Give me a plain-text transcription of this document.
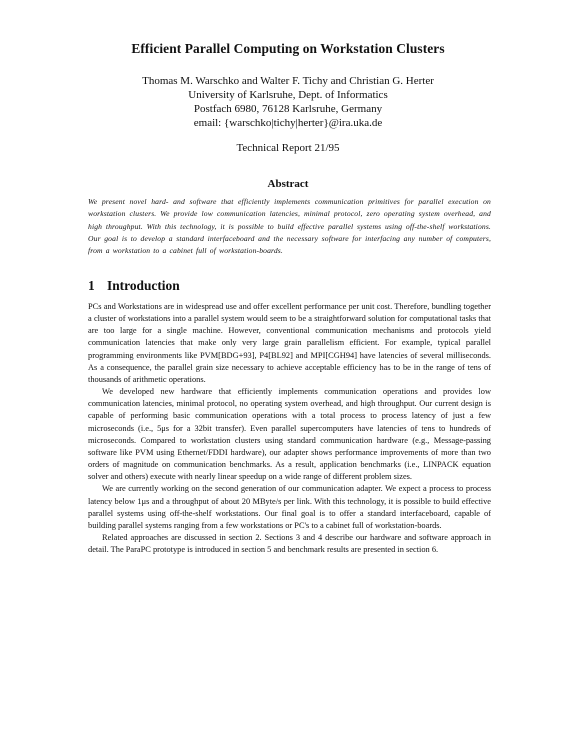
Efficient Parallel Computing on Workstation Clusters
Thomas M. Warschko and Walter F. Tichy and Christian G. Herter
University of Karlsruhe, Dept. of Informatics
Postfach 6980, 76128 Karlsruhe, Germany
email: {warschko|tichy|herter}@ira.uka.de
Technical Report 21/95
Abstract
We present novel hard- and software that efficiently implements communication primitives for parallel execution on workstation clusters. We provide low communication latencies, minimal protocol, zero operating system overhead, and high throughput. With this technology, it is possible to build effective parallel systems using off-the-shelf workstations. Our goal is to develop a standard interfaceboard and the necessary software for interfacing any number of computers, from a workstation to a cabinet full of workstation-boards.
1 Introduction

PCs and Workstations are in widespread use and offer excellent performance per unit cost. Therefore, bundling together a cluster of workstations into a parallel system would seem to be a straightforward solution for computational tasks that are too large for a single machine. However, conventional communication mechanisms and protocols yield communication latencies that make only very large grain parallelism efficient. For example, typical parallel programming environments like PVM[BDG+93], P4[BL92] and MPI[CGH94] have latencies of several milliseconds. As a consequence, the parallel grain size necessary to achieve acceptable efficiency has to be in the range of tens of thousands of arithmetic operations.

We developed new hardware that efficiently implements communication operations and provides low communication latencies, minimal protocol, no operating system overhead, and high throughput. Our current design is capable of performing basic communication operations with a total process to process latency of just a few microseconds (i.e., 5μs for a 32bit transfer). Even parallel supercomputers have latencies of tens to hundreds of microseconds. Compared to workstation clusters using standard communication hardware (e.g., Message-passing software like PVM using Ethernet/FDDI hardware), our adapter shows performance improvements of more than two orders of magnitude on communication benchmarks. As a result, application benchmarks (i.e., LINPACK equation solver and others) execute with nearly linear speedup on a wide range of different problem sizes.

We are currently working on the second generation of our communication adapter. We expect a process to process latency below 1μs and a throughput of about 20 MByte/s per link. With this technology, it is possible to build effective parallel systems using off-the-shelf workstations. Our final goal is to offer a standard interfaceboard, capable of building parallel systems ranging from a few workstations or PC's to a cabinet full of workstation-boards.

Related approaches are discussed in section 2. Sections 3 and 4 describe our hardware and software approach in detail. The ParaPC prototype is introduced in section 5 and benchmark results are presented in section 6.
